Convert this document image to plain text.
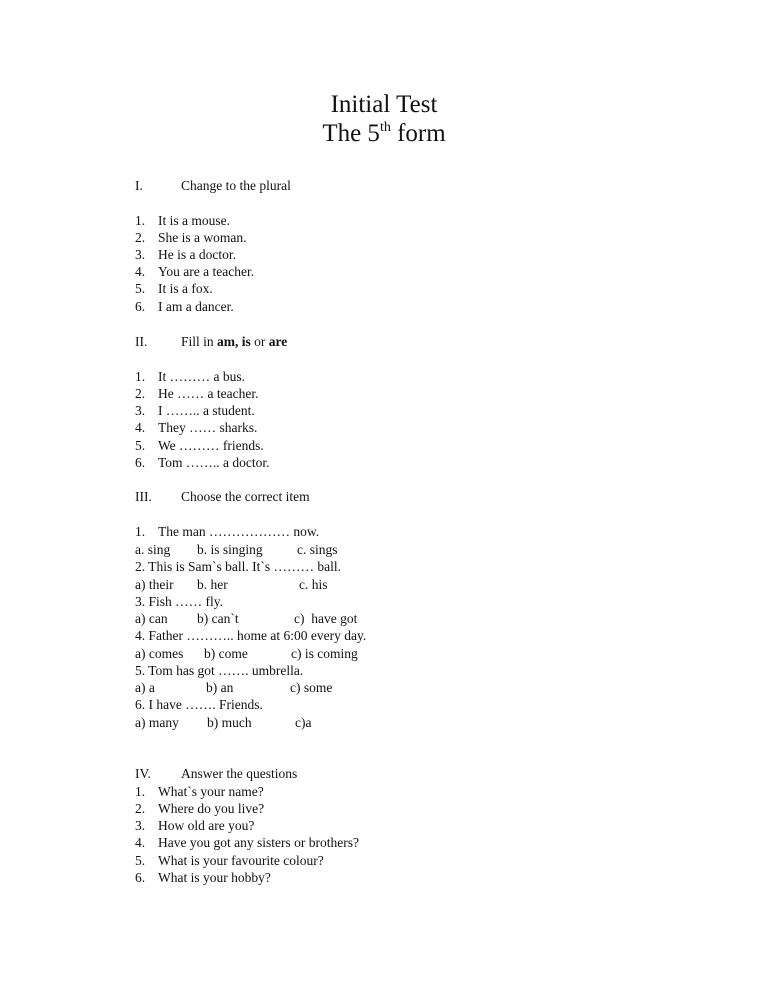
Initial Test
The 5th form
I.	Change to the plural
1. It is a mouse.
2. She is a woman.
3. He is a doctor.
4. You are a teacher.
5. It is a fox.
6. I am a dancer.
II. Fill in am, is or are
1. It ……… a bus.
2. He …… a teacher.
3. I …….. a student.
4. They …… sharks.
5. We ……… friends.
6. Tom …….. a doctor.
III. Choose the correct item
1. The man ……………… now.
a. sing b. is singing	c. sings
2. This is Sam`s ball. It`s ……… ball.
a) their b. her	c. his
3. Fish …… fly.
a) can b) can`t	c)  have got
4. Father ……….. home at 6:00 every day.
a) comes b) come	c) is coming
5. Tom has got ……. umbrella.
a) a	b) an	c) some
6. I have ……. Friends.
a) many b) much	c)a
IV. Answer the questions
1. What`s your name?
2. Where do you live?
3. How old are you?
4. Have you got any sisters or brothers?
5. What is your favourite colour?
6. What is your hobby?
